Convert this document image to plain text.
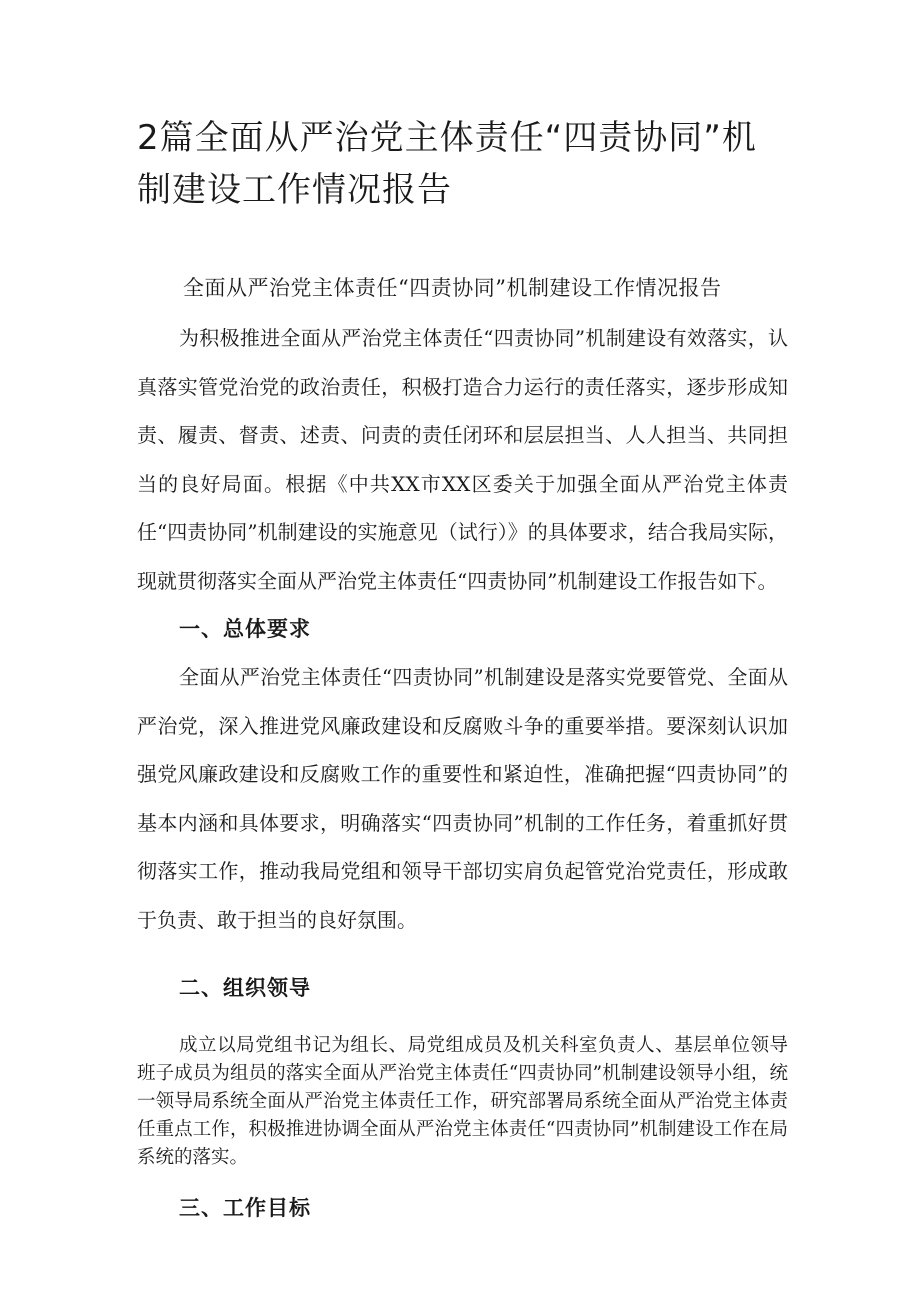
2篇全面从严治党主体责任“四责协同”机制建设工作情况报告

全面从严治党主体责任“四责协同”机制建设工作情况报告

为积极推进全面从严治党主体责任“四责协同”机制建设有效落实，认真落实管党治党的政治责任，积极打造合力运行的责任落实，逐步形成知责、履责、督责、述责、问责的责任闭环和层层担当、人人担当、共同担当的良好局面。根据《中共XX市XX区委关于加强全面从严治党主体责任“四责协同”机制建设的实施意见（试行）》的具体要求，结合我局实际，现就贯彻落实全面从严治党主体责任“四责协同”机制建设工作报告如下。

一、总体要求

全面从严治党主体责任“四责协同”机制建设是落实党要管党、全面从严治党，深入推进党风廉政建设和反腐败斗争的重要举措。要深刻认识加强党风廉政建设和反腐败工作的重要性和紧迫性，准确把握“四责协同”的基本内涵和具体要求，明确落实“四责协同”机制的工作任务，着重抓好贯彻落实工作，推动我局党组和领导干部切实肩负起管党治党责任，形成敢于负责、敢于担当的良好氛围。

二、组织领导

成立以局党组书记为组长、局党组成员及机关科室负责人、基层单位领导班子成员为组员的落实全面从严治党主体责任“四责协同”机制建设领导小组，统一领导局系统全面从严治党主体责任工作，研究部署局系统全面从严治党主体责任重点工作，积极推进协调全面从严治党主体责任“四责协同”机制建设工作在局系统的落实。

三、工作目标
